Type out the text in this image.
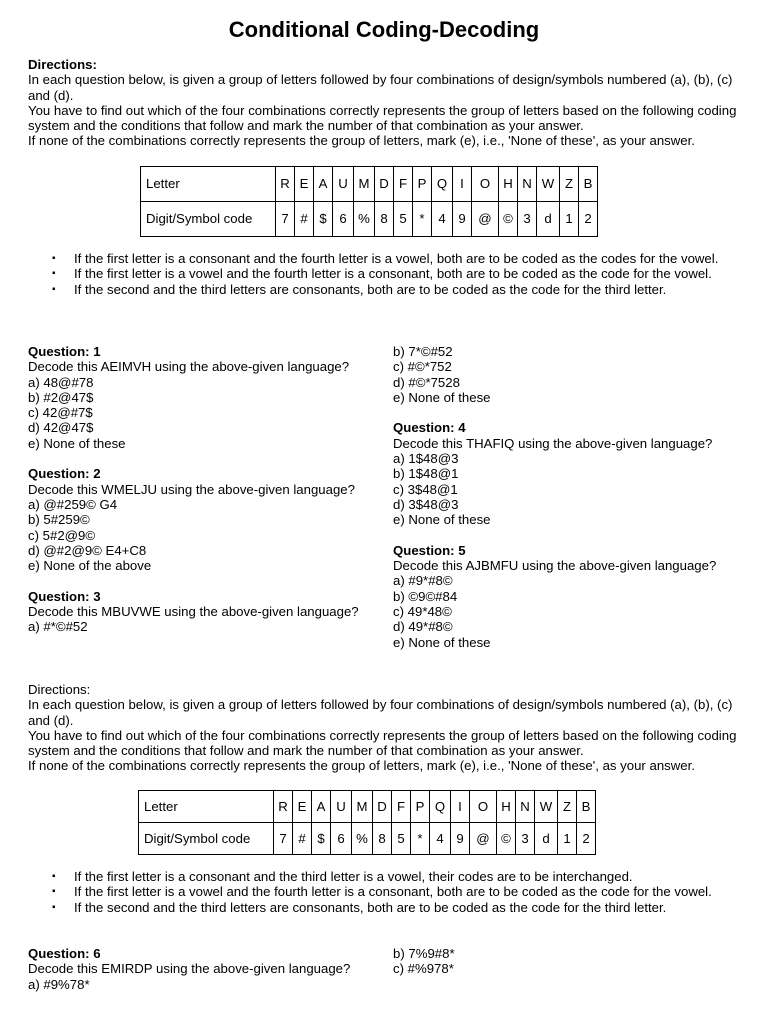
Conditional Coding-Decoding

Directions:

In each question below, is given a group of letters followed by four combinations of design/symbols numbered (a), (b), (c) and (d).

You have to find out which of the four combinations correctly represents the group of letters based on the following coding system and the conditions that follow and mark the number of that combination as your answer.

If none of the combinations correctly represents the group of letters, mark (e), i.e., 'None of these', as your answer.

Letter	R	E	A	U	M	D	F	P	Q	I	O	H	N	W	Z	B
Digit/Symbol code	7	#	$	6	%	8	5	*	4	9	@	©	3	d	1	2
▪ If the first letter is a consonant and the fourth letter is a vowel, both are to be coded as the codes for the vowel.
▪ If the first letter is a vowel and the fourth letter is a consonant, both are to be coded as the code for the vowel.
▪ If the second and the third letters are consonants, both are to be coded as the code for the third letter.

Question: 1

Decode this AEIMVH using the above-given language?

a) 48@#78

b) #2@47$

c) 42@#7$

d) 42@47$

e) None of these

Question: 2

Decode this WMELJU using the above-given language?

a) @#259© G4

b) 5#259©

c) 5#2@9©

d) @#2@9© E4+C8

e) None of the above

Question: 3

Decode this MBUVWE using the above-given language?

a) #*©#52

b) 7*©#52

c) #©*752

d) #©*7528

e) None of these

Question: 4

Decode this THAFIQ using the above-given language?

a) 1$48@3

b) 1$48@1

c) 3$48@1

d) 3$48@3

e) None of these

Question: 5

Decode this AJBMFU using the above-given language?

a) #9*#8©

b) ©9©#84

c) 49*48©

d) 49*#8©

e) None of these

Directions:

In each question below, is given a group of letters followed by four combinations of design/symbols numbered (a), (b), (c) and (d).

You have to find out which of the four combinations correctly represents the group of letters based on the following coding system and the conditions that follow and mark the number of that combination as your answer.

If none of the combinations correctly represents the group of letters, mark (e), i.e., 'None of these', as your answer.

Letter	R	E	A	U	M	D	F	P	Q	I	O	H	N	W	Z	B
Digit/Symbol code	7	#	$	6	%	8	5	*	4	9	@	©	3	d	1	2
▪ If the first letter is a consonant and the third letter is a vowel, their codes are to be interchanged.
▪ If the first letter is a vowel and the fourth letter is a consonant, both are to be coded as the code for the vowel.
▪ If the second and the third letters are consonants, both are to be coded as the code for the third letter.

Question: 6

Decode this EMIRDP using the above-given language?

a) #9%78*

b) 7%9#8*

c) #%978*
